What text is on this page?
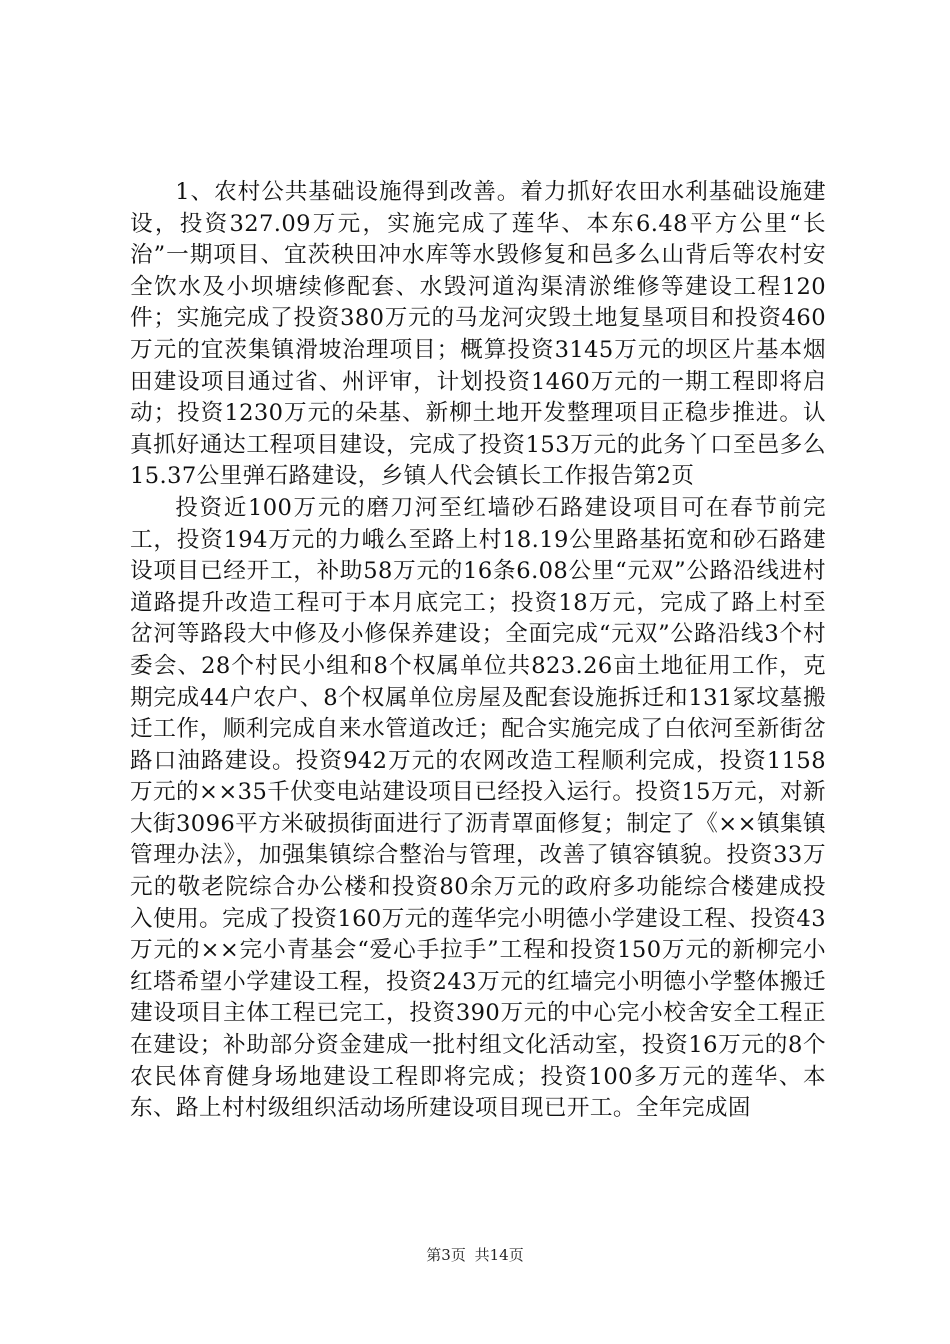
1、农村公共基础设施得到改善。着力抓好农田水利基础设施建设，投资327.09万元，实施完成了莲华、本东6.48平方公里“长治”一期项目、宜茨秧田冲水库等水毁修复和邑多么山背后等农村安全饮水及小坝塘续修配套、水毁河道沟渠清淤维修等建设工程120件；实施完成了投资380万元的马龙河灾毁土地复垦项目和投资460万元的宜茨集镇滑坡治理项目；概算投资3145万元的坝区片基本烟田建设项目通过省、州评审，计划投资1460万元的一期工程即将启动；投资1230万元的朵基、新柳土地开发整理项目正稳步推进。认真抓好通达工程项目建设，完成了投资153万元的此务丫口至邑多么15.37公里弹石路建设，乡镇人代会镇长工作报告第2页

投资近100万元的磨刀河至红墙砂石路建设项目可在春节前完工，投资194万元的力峨么至路上村18.19公里路基拓宽和砂石路建设项目已经开工，补助58万元的16条6.08公里“元双”公路沿线进村道路提升改造工程可于本月底完工；投资18万元，完成了路上村至岔河等路段大中修及小修保养建设；全面完成“元双”公路沿线3个村委会、28个村民小组和8个权属单位共823.26亩土地征用工作，克期完成44户农户、8个权属单位房屋及配套设施拆迁和131冢坟墓搬迁工作，顺利完成自来水管道改迁；配合实施完成了白依河至新街岔路口油路建设。投资942万元的农网改造工程顺利完成，投资1158万元的××35千伏变电站建设项目已经投入运行。投资15万元，对新大街3096平方米破损街面进行了沥青罩面修复；制定了《××镇集镇管理办法》，加强集镇综合整治与管理，改善了镇容镇貌。投资33万元的敬老院综合办公楼和投资80余万元的政府多功能综合楼建成投入使用。完成了投资160万元的莲华完小明德小学建设工程、投资43万元的××完小青基会“爱心手拉手”工程和投资150万元的新柳完小红塔希望小学建设工程，投资243万元的红墙完小明德小学整体搬迁建设项目主体工程已完工，投资390万元的中心完小校舍安全工程正在建设；补助部分资金建成一批村组文化活动室，投资16万元的8个农民体育健身场地建设工程即将完成；投资100多万元的莲华、本东、路上村村级组织活动场所建设项目现已开工。全年完成固

第3页 共14页
